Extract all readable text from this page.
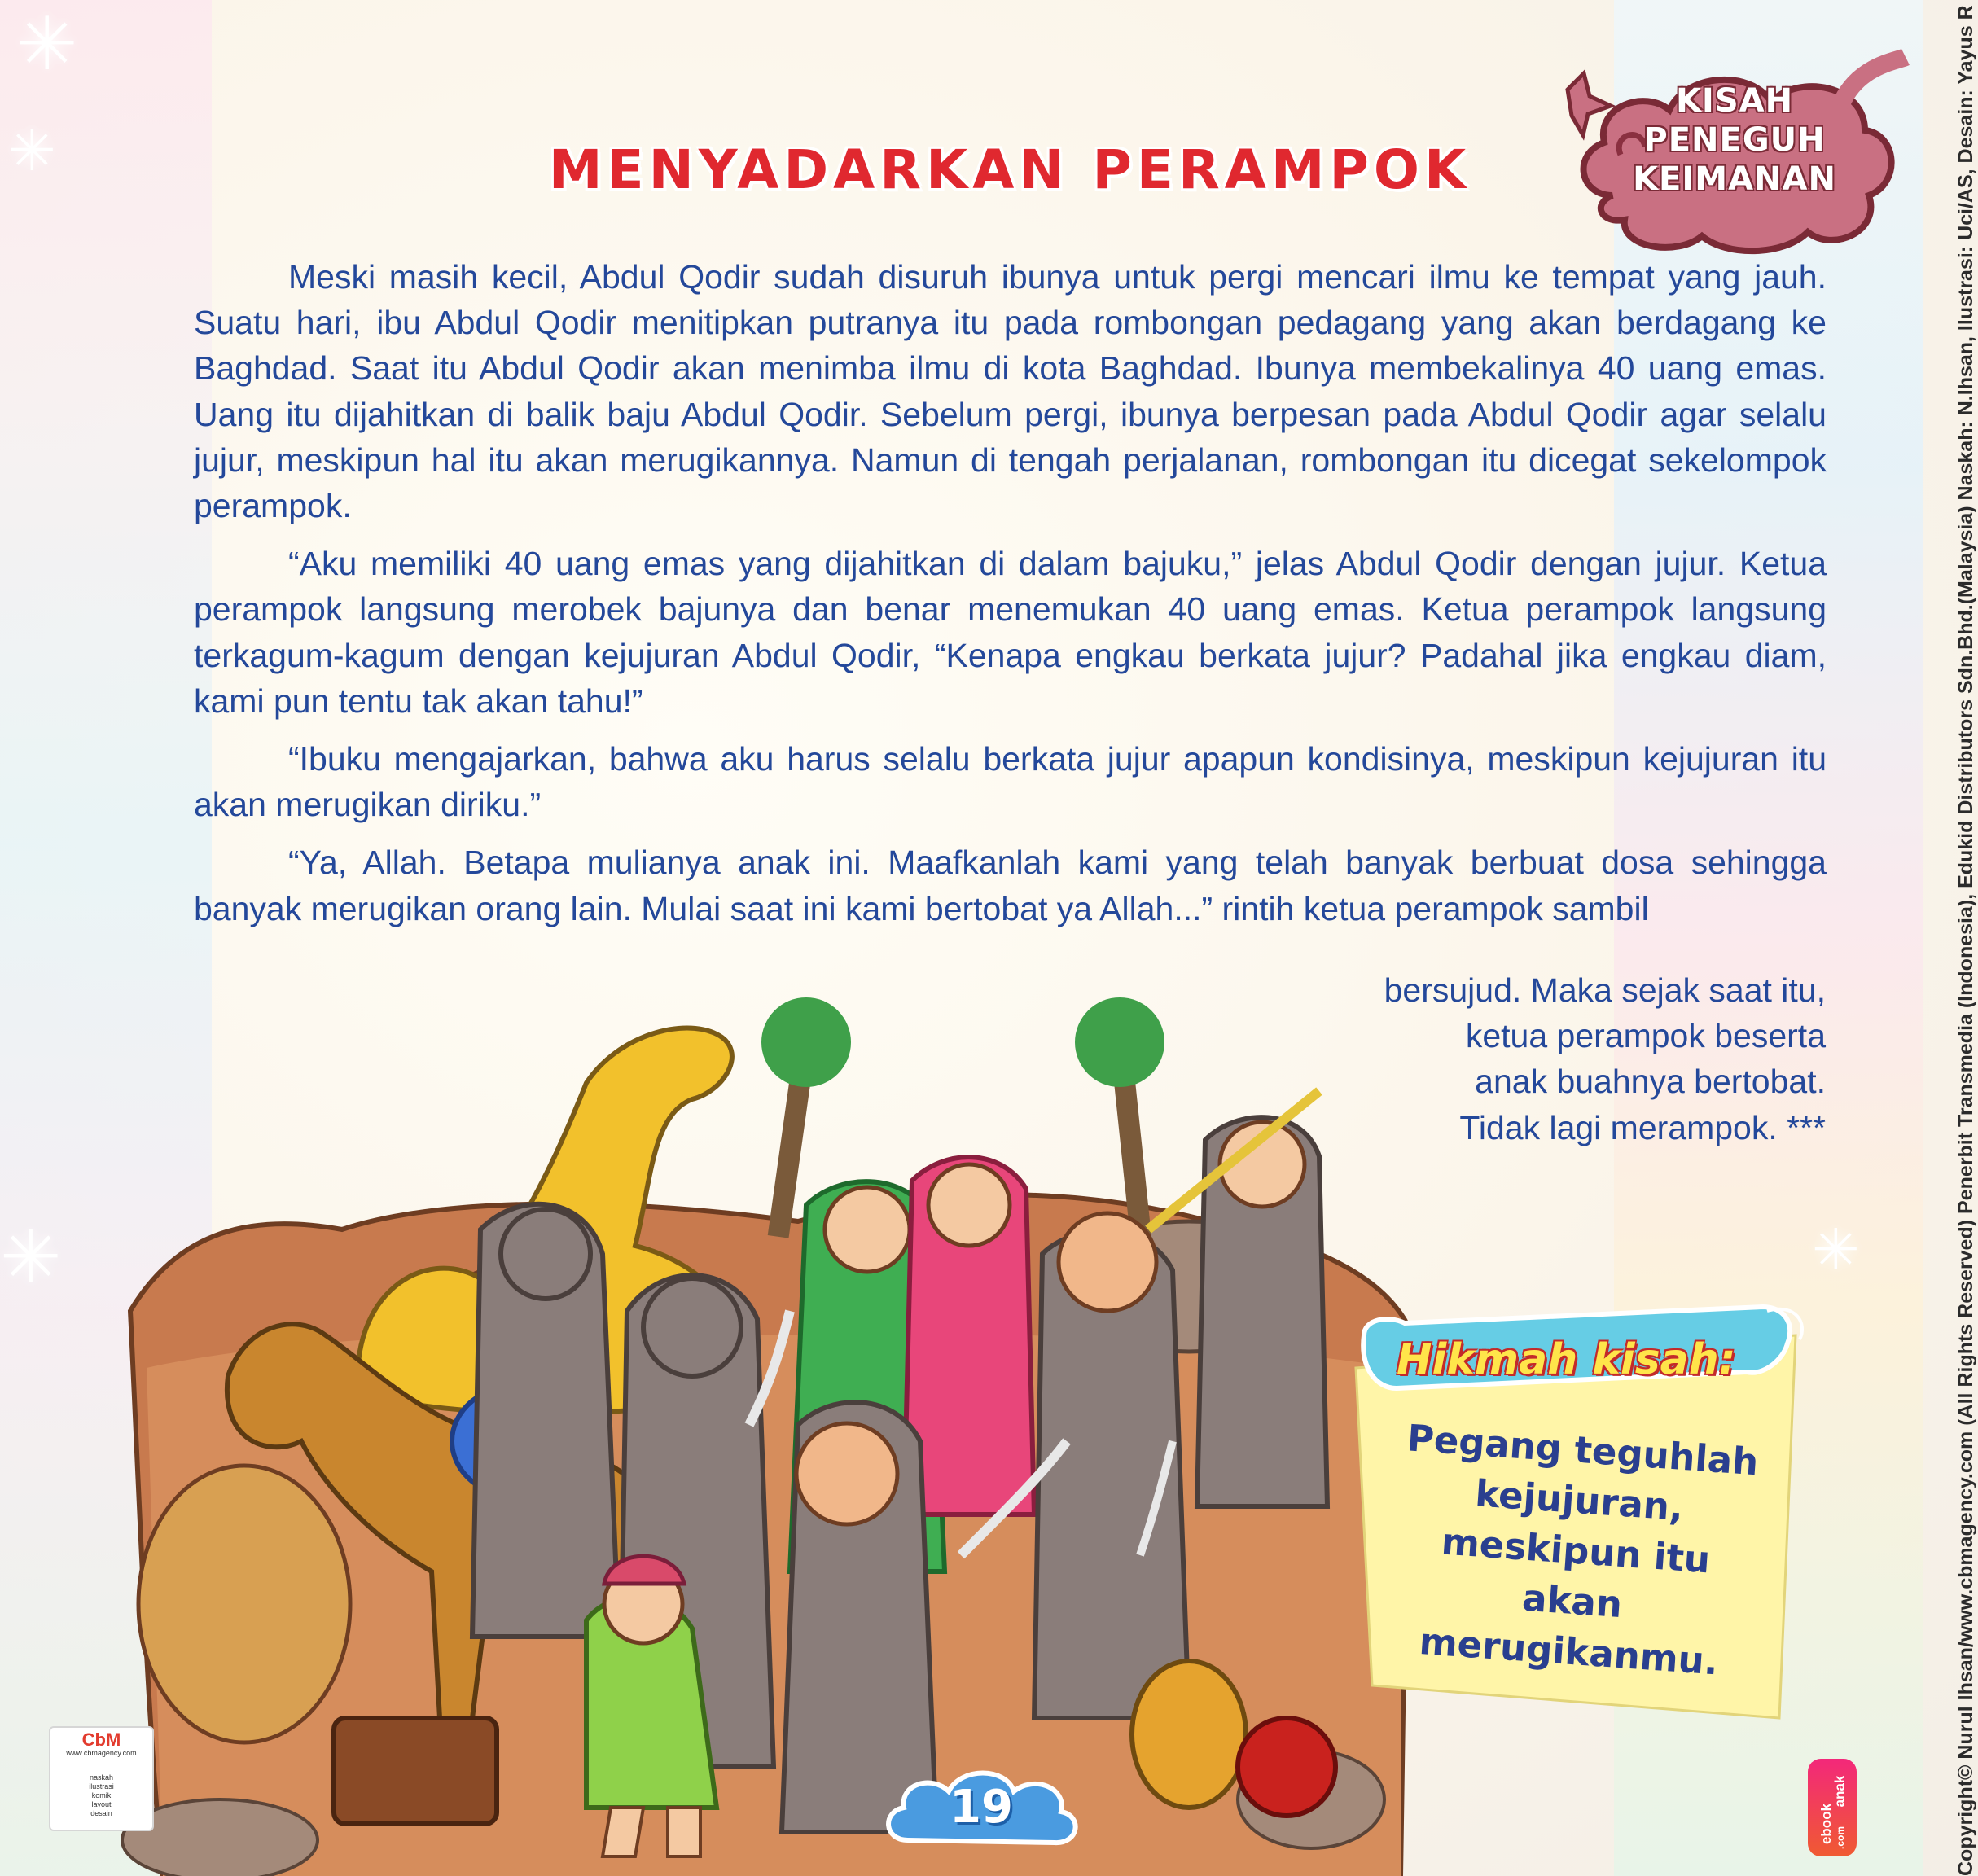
✳
✳
✳	✳
KISAH
PENEGUH
KEIMANAN
MENYADARKAN PERAMPOK

Meski masih kecil, Abdul Qodir sudah disuruh ibunya untuk pergi mencari ilmu ke tempat yang jauh. Suatu hari, ibu Abdul Qodir menitipkan putranya itu pada rombongan pedagang yang akan berdagang ke Baghdad. Saat itu Abdul Qodir akan menimba ilmu di kota Baghdad. Ibunya membekalinya 40 uang emas. Uang itu dijahitkan di balik baju Abdul Qodir. Sebelum pergi, ibunya berpesan pada Abdul Qodir agar selalu jujur, meskipun hal itu akan merugikannya. Namun di tengah perjalanan, rombongan itu dicegat sekelompok perampok.

“Aku memiliki 40 uang emas yang dijahitkan di dalam bajuku,” jelas Abdul Qodir dengan jujur. Ketua perampok langsung merobek bajunya dan benar menemukan 40 uang emas. Ketua perampok langsung terkagum-kagum dengan kejujuran Abdul Qodir, “Kenapa engkau berkata jujur? Padahal jika engkau diam, kami pun tentu tak akan tahu!”

“Ibuku mengajarkan, bahwa aku harus selalu berkata jujur apapun kondisinya, meskipun kejujuran itu akan merugikan diriku.”

“Ya, Allah. Betapa mulianya anak ini. Maafkanlah kami yang telah banyak berbuat dosa sehingga banyak merugikan orang lain. Mulai saat ini kami bertobat ya Allah...” rintih ketua perampok sambil

bersujud. Maka sejak saat itu,
ketua perampok beserta
anak buahnya bertobat.
Tidak lagi merampok. ***
Hikmah kisah:
Pegang teguhlah
kejujuran,
meskipun itu akan
merugikanmu.
19
CbM
www.cbmagency.com
naskah
ilustrasi
komik
layout
desain	ebook
anak
.com	Copyright© Nurul Ihsan/www.cbmagency.com (All Rights Reserved) Penerbit Transmedia (Indonesia), Edukid Distributors Sdn.Bhd.(Malaysia) Naskah: N.Ihsan, Ilustrasi: Uci/AS, Desain: Yayus R
